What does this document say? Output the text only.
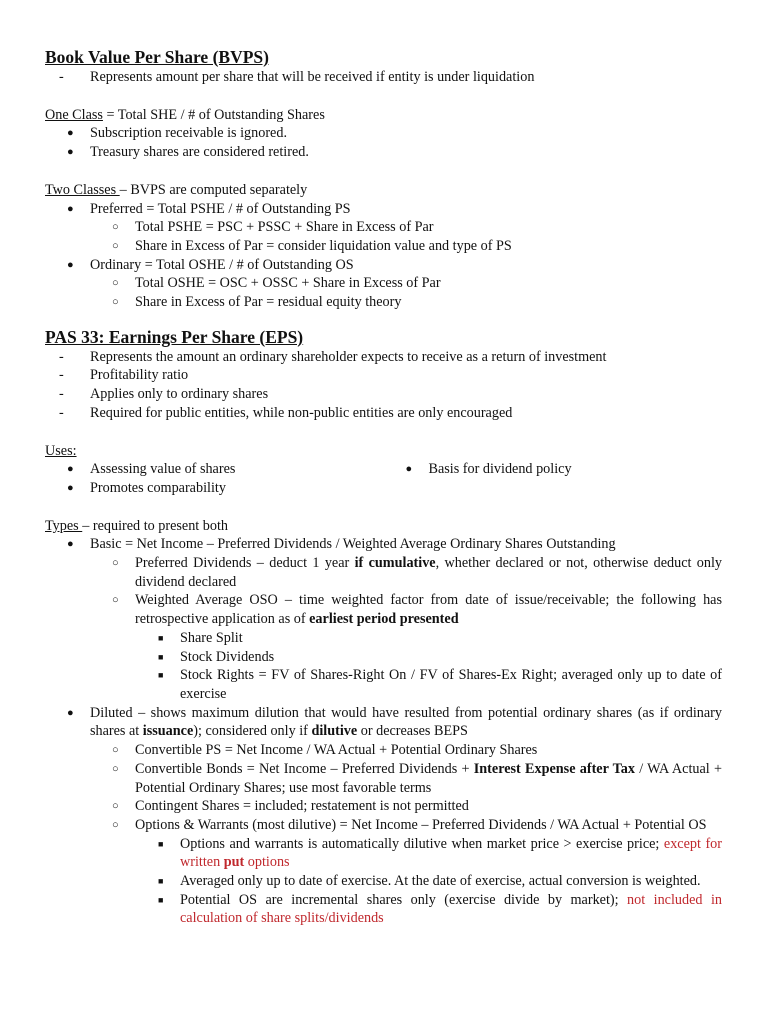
Book Value Per Share (BVPS)
- Represents amount per share that will be received if entity is under liquidation

One Class = Total SHE / # of Outstanding Shares

● Subscription receivable is ignored.
● Treasury shares are considered retired.

Two Classes – BVPS are computed separately

● Preferred = Total PSHE / # of Outstanding PS
○ Total PSHE = PSC + PSSC + Share in Excess of Par
○ Share in Excess of Par = consider liquidation value and type of PS
● Ordinary = Total OSHE / # of Outstanding OS
○ Total OSHE = OSC + OSSC + Share in Excess of Par
○ Share in Excess of Par = residual equity theory
PAS 33: Earnings Per Share (EPS)
- Represents the amount an ordinary shareholder expects to receive as a return of investment
- Profitability ratio
- Applies only to ordinary shares
- Required for public entities, while non-public entities are only encouraged

Uses:

● Assessing value of shares
● Promotes comparability
● Basis for dividend policy

Types – required to present both

● Basic = Net Income – Preferred Dividends / Weighted Average Ordinary Shares Outstanding
○ Preferred Dividends – deduct 1 year if cumulative, whether declared or not, otherwise deduct only dividend declared
○ Weighted Average OSO – time weighted factor from date of issue/receivable; the following has retrospective application as of earliest period presented
■ Share Split
■ Stock Dividends
■ Stock Rights = FV of Shares-Right On / FV of Shares-Ex Right; averaged only up to date of exercise
● Diluted – shows maximum dilution that would have resulted from potential ordinary shares (as if ordinary shares at issuance); considered only if dilutive or decreases BEPS
○ Convertible PS = Net Income / WA Actual + Potential Ordinary Shares
○ Convertible Bonds = Net Income – Preferred Dividends + Interest Expense after Tax / WA Actual + Potential Ordinary Shares; use most favorable terms
○ Contingent Shares = included; restatement is not permitted
○ Options & Warrants (most dilutive) = Net Income – Preferred Dividends / WA Actual + Potential OS
■ Options and warrants is automatically dilutive when market price > exercise price; except for written put options
■ Averaged only up to date of exercise. At the date of exercise, actual conversion is weighted.
■ Potential OS are incremental shares only (exercise divide by market); not included in calculation of share splits/dividends
